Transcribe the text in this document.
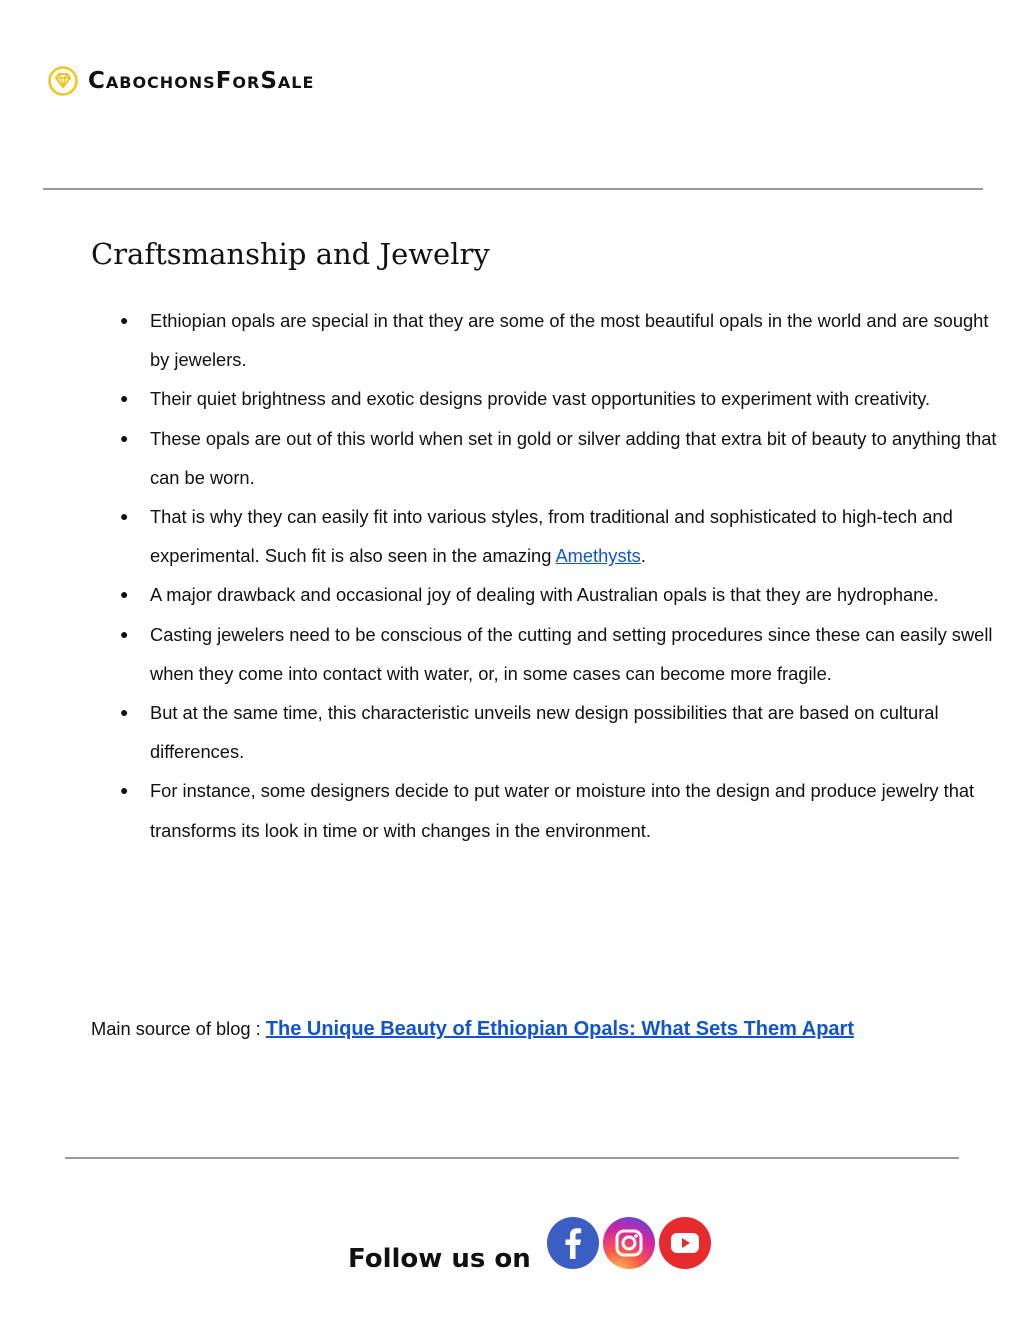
CabochonsForSale
Craftsmanship and Jewelry
● Ethiopian opals are special in that they are some of the most beautiful opals in the world and are sought by jewelers.
● Their quiet brightness and exotic designs provide vast opportunities to experiment with creativity.
● These opals are out of this world when set in gold or silver adding that extra bit of beauty to anything that can be worn.
● That is why they can easily fit into various styles, from traditional and sophisticated to high-tech and experimental. Such fit is also seen in the amazing Amethysts.
● A major drawback and occasional joy of dealing with Australian opals is that they are hydrophane.
● Casting jewelers need to be conscious of the cutting and setting procedures since these can easily swell when they come into contact with water, or, in some cases can become more fragile.
● But at the same time, this characteristic unveils new design possibilities that are based on cultural differences.
● For instance, some designers decide to put water or moisture into the design and produce jewelry that transforms its look in time or with changes in the environment.
Main source of blog : The Unique Beauty of Ethiopian Opals: What Sets Them Apart
Follow us on
